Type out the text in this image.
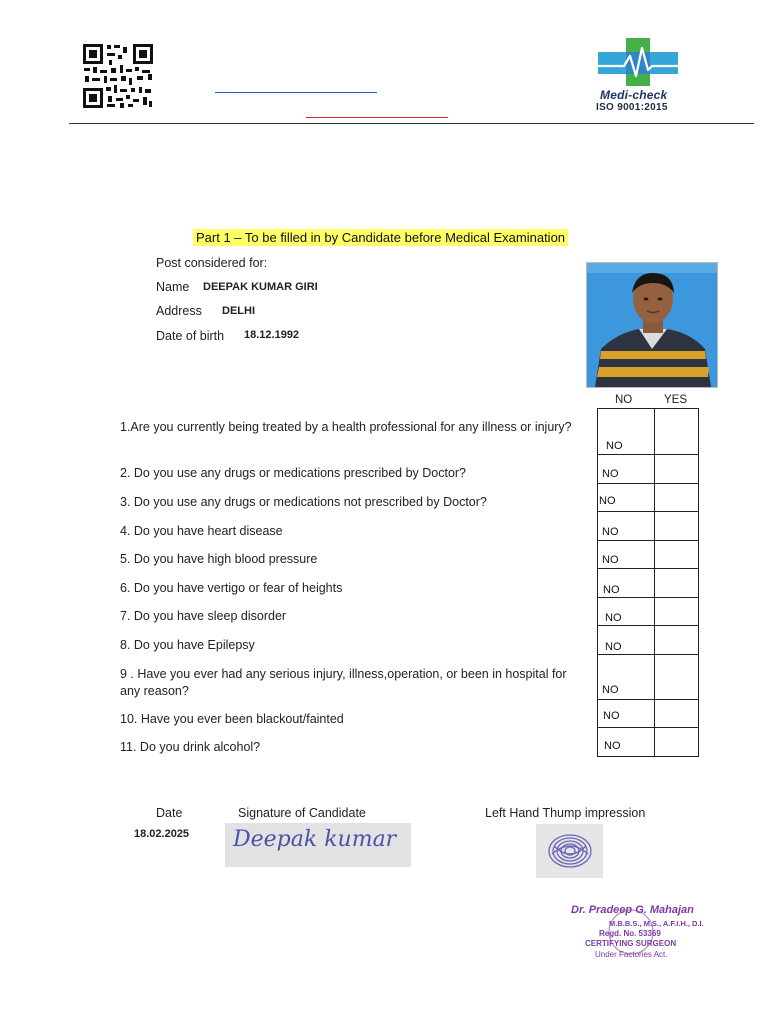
Medi-check
ISO 9001:2015
Part 1 – To be filled in by Candidate before Medical Examination
Post considered for:
Name DEEPAK KUMAR GIRI
Address DELHI
Date of birth 18.12.1992
NO	YES
1.Are you currently being treated by a health professional for any illness or injury?
2. Do you use any drugs or medications prescribed by Doctor?
3. Do you use any drugs or medications not prescribed by Doctor?
4. Do you have heart disease
5. Do you have high blood pressure
6. Do you have vertigo or fear of heights
7. Do you have sleep disorder
8. Do you have Epilepsy
9 . Have you ever had any serious injury, illness,operation, or been in hospital for any reason?
10. Have you ever been blackout/fainted
11. Do you drink alcohol?
NO
NO
NO
NO
NO
NO
NO
NO
NO
NO
NO
Date
18.02.2025
Signature of Candidate
Deepak kumar
Left Hand Thump impression
Dr. Pradeep G. Mahajan
M.B.B.S., M.S., A.F.I.H., D.I.
Regd. No. 53369
CERTIFYING SURGEON
Under Factories Act.
